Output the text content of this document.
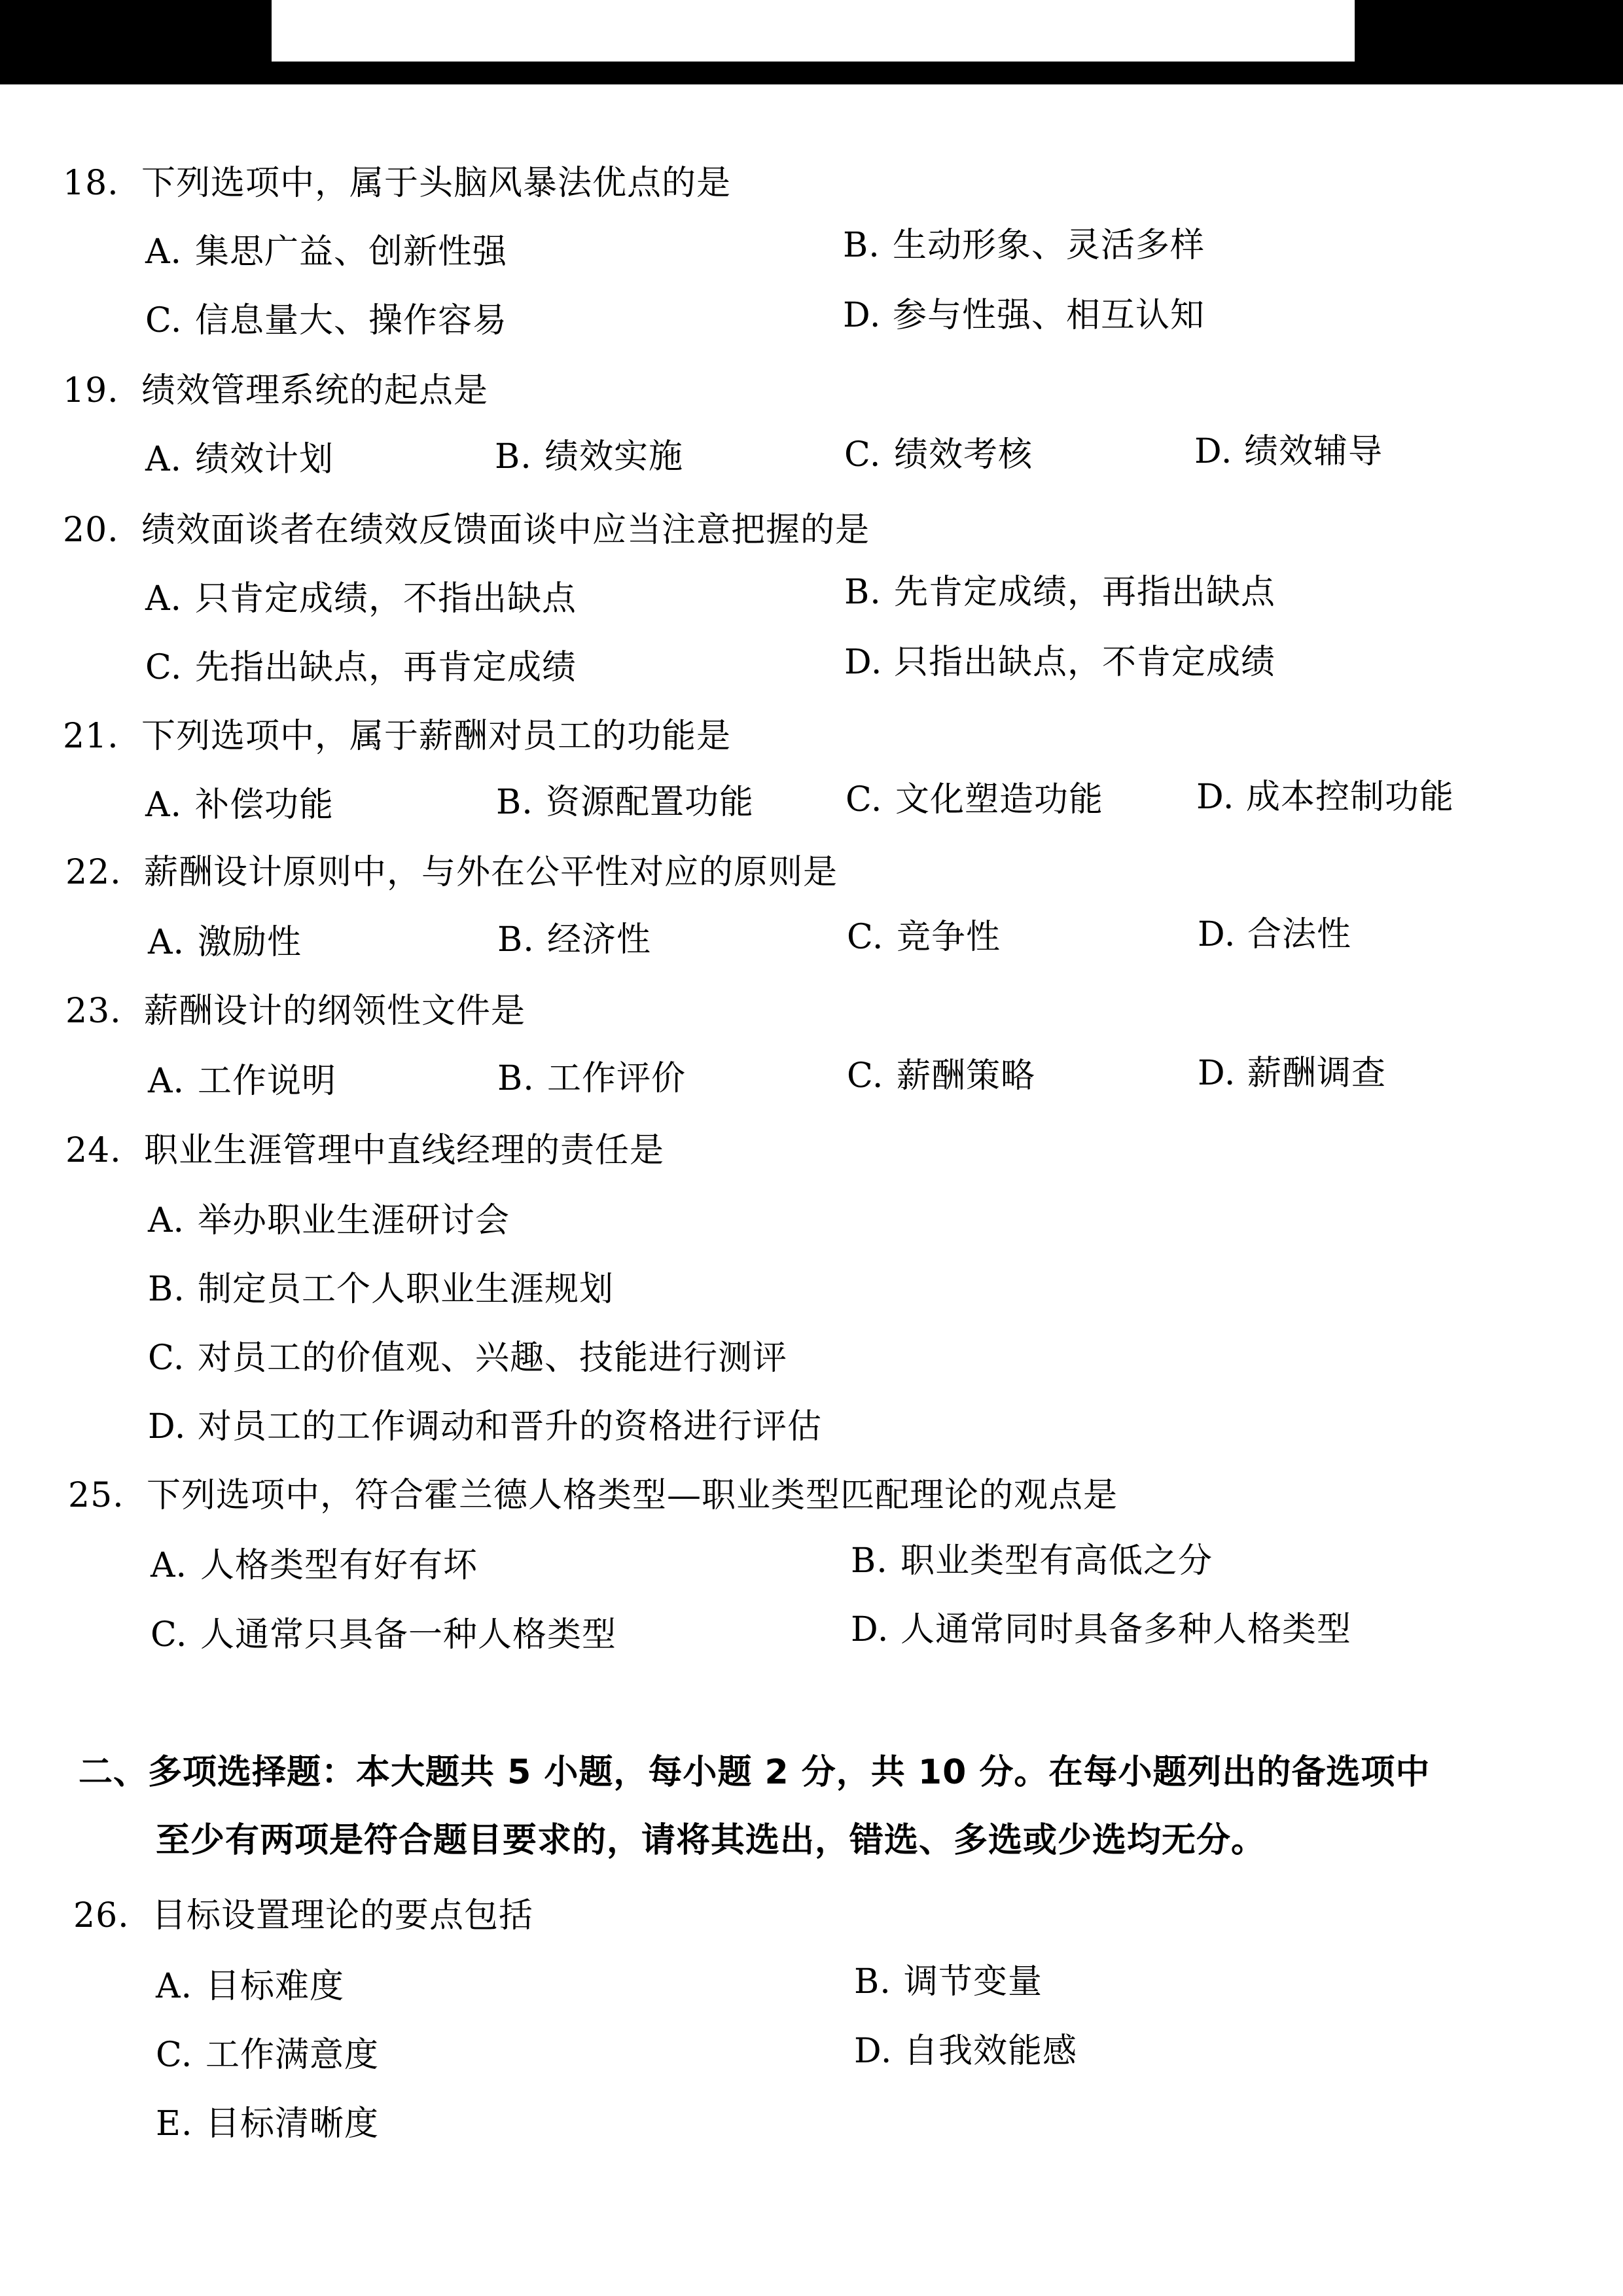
18. 下列选项中，属于头脑风暴法优点的是
A. 集思广益、创新性强	B. 生动形象、灵活多样
C. 信息量大、操作容易	D. 参与性强、相互认知
19. 绩效管理系统的起点是
A. 绩效计划	B. 绩效实施	C. 绩效考核	D. 绩效辅导
20. 绩效面谈者在绩效反馈面谈中应当注意把握的是
A. 只肯定成绩，不指出缺点	B. 先肯定成绩，再指出缺点
C. 先指出缺点，再肯定成绩	D. 只指出缺点，不肯定成绩
21. 下列选项中，属于薪酬对员工的功能是
A. 补偿功能	B. 资源配置功能	C. 文化塑造功能	D. 成本控制功能
22. 薪酬设计原则中，与外在公平性对应的原则是
A. 激励性	B. 经济性	C. 竞争性	D. 合法性
23. 薪酬设计的纲领性文件是
A. 工作说明	B. 工作评价	C. 薪酬策略	D. 薪酬调查
24. 职业生涯管理中直线经理的责任是
A. 举办职业生涯研讨会
B. 制定员工个人职业生涯规划
C. 对员工的价值观、兴趣、技能进行测评
D. 对员工的工作调动和晋升的资格进行评估
25. 下列选项中，符合霍兰德人格类型—职业类型匹配理论的观点是
A. 人格类型有好有坏	B. 职业类型有高低之分
C. 人通常只具备一种人格类型	D. 人通常同时具备多种人格类型
二、多项选择题：本大题共 5 小题，每小题 2 分，共 10 分。在每小题列出的备选项中
至少有两项是符合题目要求的，请将其选出，错选、多选或少选均无分。
26. 目标设置理论的要点包括
A. 目标难度	B. 调节变量
C. 工作满意度	D. 自我效能感
E. 目标清晰度
